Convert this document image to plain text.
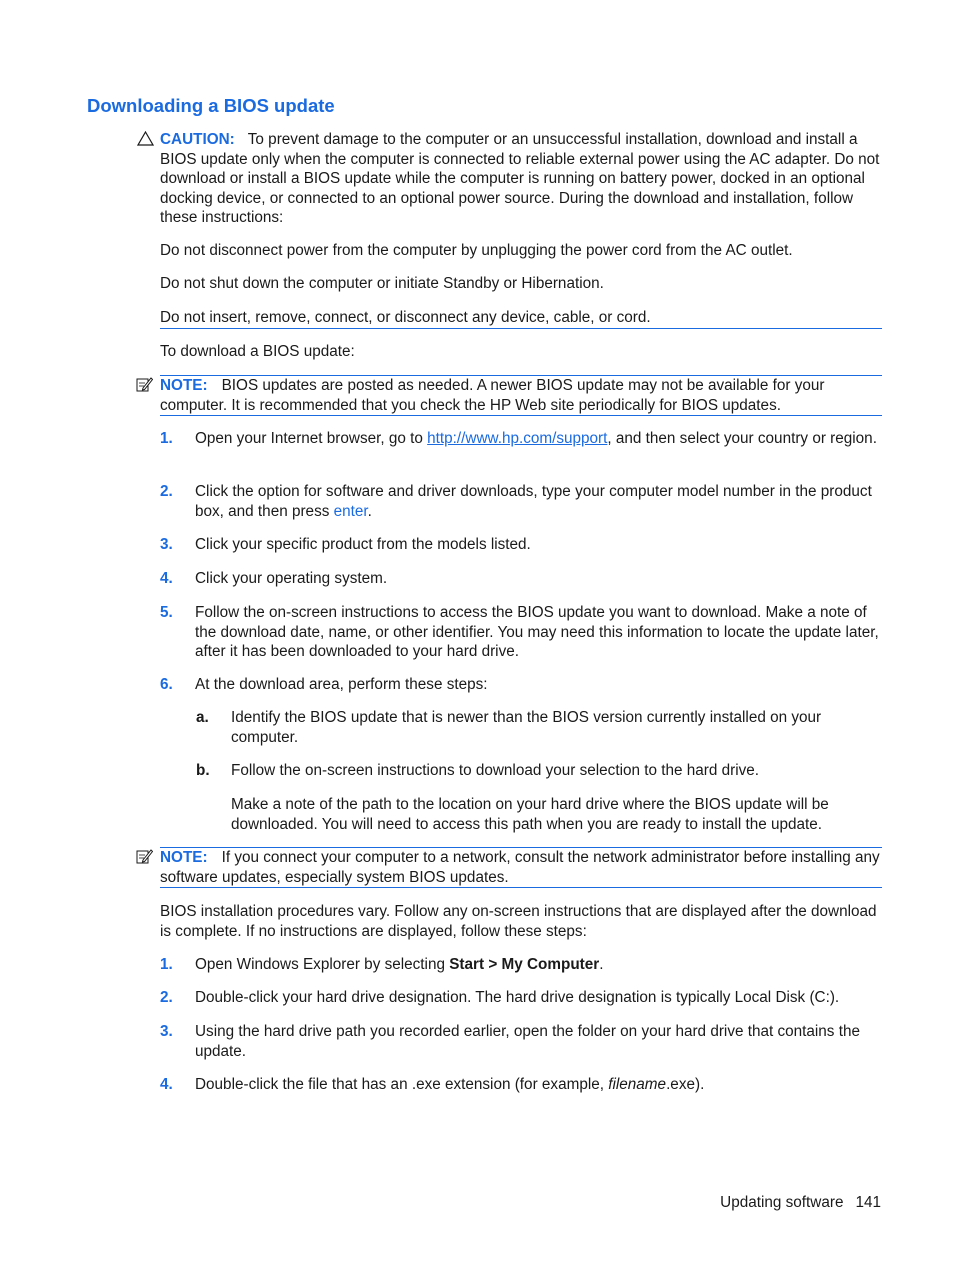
Downloading a BIOS update
CAUTION: To prevent damage to the computer or an unsuccessful installation, download and install a BIOS update only when the computer is connected to reliable external power using the AC adapter. Do not download or install a BIOS update while the computer is running on battery power, docked in an optional docking device, or connected to an optional power source. During the download and installation, follow these instructions:
Do not disconnect power from the computer by unplugging the power cord from the AC outlet.
Do not shut down the computer or initiate Standby or Hibernation.
Do not insert, remove, connect, or disconnect any device, cable, or cord.
To download a BIOS update:
NOTE: BIOS updates are posted as needed. A newer BIOS update may not be available for your computer. It is recommended that you check the HP Web site periodically for BIOS updates.
1. Open your Internet browser, go to http://www.hp.com/support, and then select your country or region.
2. Click the option for software and driver downloads, type your computer model number in the product box, and then press enter.
3. Click your specific product from the models listed.
4. Click your operating system.
5. Follow the on-screen instructions to access the BIOS update you want to download. Make a note of the download date, name, or other identifier. You may need this information to locate the update later, after it has been downloaded to your hard drive.
6. At the download area, perform these steps:
a. Identify the BIOS update that is newer than the BIOS version currently installed on your computer.
b. Follow the on-screen instructions to download your selection to the hard drive.
Make a note of the path to the location on your hard drive where the BIOS update will be downloaded. You will need to access this path when you are ready to install the update.
NOTE: If you connect your computer to a network, consult the network administrator before installing any software updates, especially system BIOS updates.
BIOS installation procedures vary. Follow any on-screen instructions that are displayed after the download is complete. If no instructions are displayed, follow these steps:
1. Open Windows Explorer by selecting Start > My Computer.
2. Double-click your hard drive designation. The hard drive designation is typically Local Disk (C:).
3. Using the hard drive path you recorded earlier, open the folder on your hard drive that contains the update.
4. Double-click the file that has an .exe extension (for example, filename.exe).
Updating software 141
